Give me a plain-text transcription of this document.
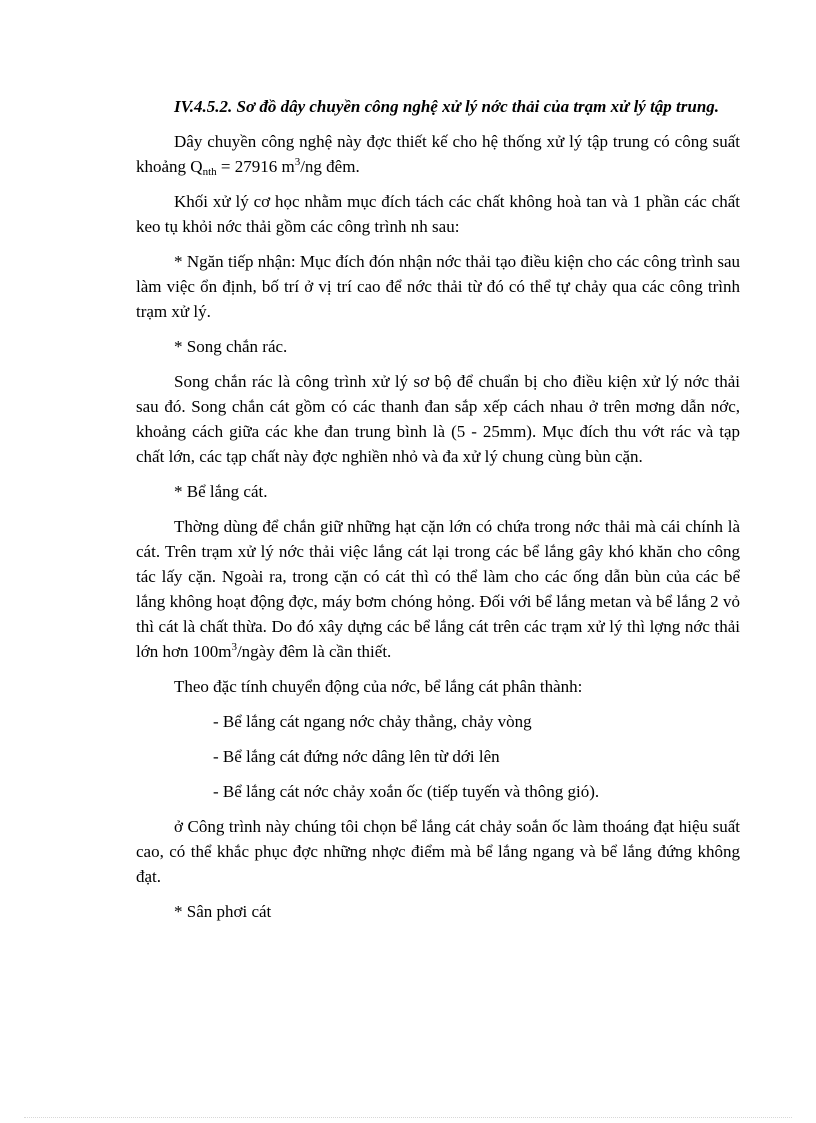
IV.4.5.2. Sơ đồ dây chuyền công nghệ xử lý nớc thải của trạm xử lý tập trung.

Dây chuyền công nghệ này đợc thiết kế cho hệ thống xử lý tập trung có công suất khoảng $Q_{nth} = 27916$ $m^3/ng$ đêm.

Khối xử lý cơ học nhằm mục đích tách các chất không hoà tan và 1 phần các chất keo tụ khỏi nớc thải gồm các công trình nh sau:

* Ngăn tiếp nhận: Mục đích đón nhận nớc thải tạo điều kiện cho các công trình sau làm việc ổn định, bố trí ở vị trí cao để nớc thải từ đó có thể tự chảy qua các công trình trạm xử lý.

* Song chắn rác.

Song chắn rác là công trình xử lý sơ bộ để chuẩn bị cho điều kiện xử lý nớc thải sau đó. Song chắn cát gồm có các thanh đan sắp xếp cách nhau ở trên mơng dẫn nớc, khoảng cách giữa các khe đan trung bình là (5 - 25mm). Mục đích thu vớt rác và tạp chất lớn, các tạp chất này đợc nghiền nhỏ và đa xử lý chung cùng bùn cặn.

* Bể lắng cát.

Thờng dùng để chắn giữ những hạt cặn lớn có chứa trong nớc thải mà cái chính là cát. Trên trạm xử lý nớc thải việc lắng cát lại trong các bể lắng gây khó khăn cho công tác lấy cặn. Ngoài ra, trong cặn có cát thì có thể làm cho các ống dẫn bùn của các bể lắng không hoạt động đợc, máy bơm chóng hỏng. Đối với bể lắng metan và bể lắng 2 vỏ thì cát là chất thừa. Do đó xây dựng các bể lắng cát trên các trạm xử lý thì lợng nớc thải lớn hơn $100m^3$/ngày đêm là cần thiết.

Theo đặc tính chuyển động của nớc, bể lắng cát phân thành:

- Bể lắng cát ngang nớc chảy thẳng, chảy vòng

- Bể lắng cát đứng nớc dâng lên từ dới lên

- Bể lắng cát nớc chảy xoắn ốc (tiếp tuyến và thông gió).

ở Công trình này chúng tôi chọn bể lắng cát chảy soắn ốc làm thoáng đạt hiệu suất cao, có thể khắc phục đợc những nhợc điểm mà bể lắng ngang và bể lắng đứng không đạt.

* Sân phơi cát
